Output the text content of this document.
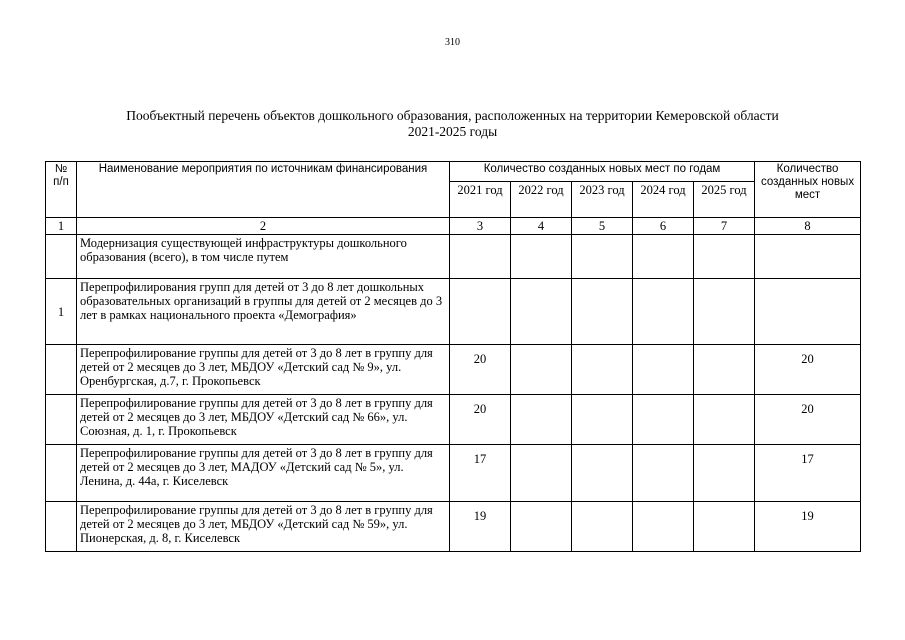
310
Пообъектный перечень объектов дошкольного образования, расположенных на территории Кемеровской области
2021-2025 годы
№ п/п	Наименование мероприятия по источникам финансирования	Количество созданных новых мест по годам					Количество созданных новых мест
		2021 год	2022 год	2023 год	2024 год	2025 год	
1	2	3	4	5	6	7	8
	Модернизация существующей инфраструктуры дошкольного образования (всего), в том числе путем						
1	Перепрофилирования групп для детей от 3 до 8 лет дошкольных образовательных организаций в группы для детей от 2 месяцев до 3 лет в рамках национального проекта «Демография»						
	Перепрофилирование группы для детей от 3 до 8 лет в группу для детей от 2 месяцев до 3 лет, МБДОУ «Детский сад № 9», ул. Оренбургская, д.7, г. Прокопьевск	20					20
	Перепрофилирование группы для детей от 3 до 8 лет в группу для детей от 2 месяцев до 3 лет, МБДОУ «Детский сад № 66», ул. Союзная, д. 1, г. Прокопьевск	20					20
	Перепрофилирование группы для детей от 3 до 8 лет в группу для детей от 2 месяцев до 3 лет, МАДОУ «Детский сад № 5», ул. Ленина, д. 44а, г. Киселевск	17					17
	Перепрофилирование группы для детей от 3 до 8 лет в группу для детей от 2 месяцев до 3 лет, МБДОУ «Детский сад № 59», ул. Пионерская, д. 8, г. Киселевск	19					19
